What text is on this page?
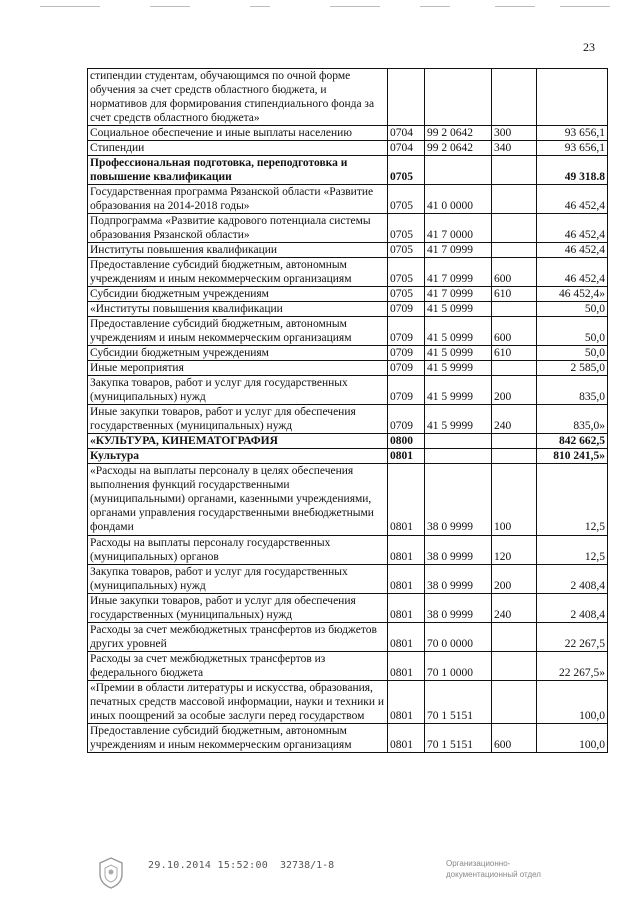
23
стипендии студентам, обучающимся по очной форме обучения за счет средств областного бюджета, и нормативов для формирования стипендиального фонда за счет средств областного бюджета»				
Социальное обеспечение и иные выплаты населению	0704	99 2 0642	300	93 656,1
Стипендии	0704	99 2 0642	340	93 656,1
Профессиональная подготовка, переподготовка и повышение квалификации	0705			49 318.8
Государственная программа Рязанской области «Развитие образования на 2014-2018 годы»	0705	41 0 0000		46 452,4
Подпрограмма «Развитие кадрового потенциала системы образования Рязанской области»	0705	41 7 0000		46 452,4
Институты повышения квалификации	0705	41 7 0999		46 452,4
Предоставление субсидий бюджетным, автономным учреждениям и иным некоммерческим организациям	0705	41 7 0999	600	46 452,4
Субсидии бюджетным учреждениям	0705	41 7 0999	610	46 452,4»
«Институты повышения квалификации	0709	41 5 0999		50,0
Предоставление субсидий бюджетным, автономным учреждениям и иным некоммерческим организациям	0709	41 5 0999	600	50,0
Субсидии бюджетным учреждениям	0709	41 5 0999	610	50,0
Иные мероприятия	0709	41 5 9999		2 585,0
Закупка товаров, работ и услуг для государственных (муниципальных) нужд	0709	41 5 9999	200	835,0
Иные закупки товаров, работ и услуг для обеспечения государственных (муниципальных) нужд	0709	41 5 9999	240	835,0»
«КУЛЬТУРА, КИНЕМАТОГРАФИЯ	0800			842 662,5
Культура	0801			810 241,5»
«Расходы на выплаты персоналу в целях обеспечения выполнения функций государственными (муниципальными) органами, казенными учреждениями, органами управления государственными внебюджетными фондами	0801	38 0 9999	100	12,5
Расходы на выплаты персоналу государственных (муниципальных) органов	0801	38 0 9999	120	12,5
Закупка товаров, работ и услуг для государственных (муниципальных) нужд	0801	38 0 9999	200	2 408,4
Иные закупки товаров, работ и услуг для обеспечения государственных (муниципальных) нужд	0801	38 0 9999	240	2 408,4
Расходы за счет межбюджетных трансфертов из бюджетов других уровней	0801	70 0 0000		22 267,5
Расходы за счет межбюджетных трансфертов из федерального бюджета	0801	70 1 0000		22 267,5»
«Премии в области литературы и искусства, образования, печатных средств массовой информации, науки и техники и иных поощрений за особые заслуги перед государством	0801	70 1 5151		100,0
Предоставление субсидий бюджетным, автономным учреждениям и иным некоммерческим организациям	0801	70 1 5151	600	100,0
29.10.2014 15:52:00 32738/1-8	Организационно-
документационный отдел
